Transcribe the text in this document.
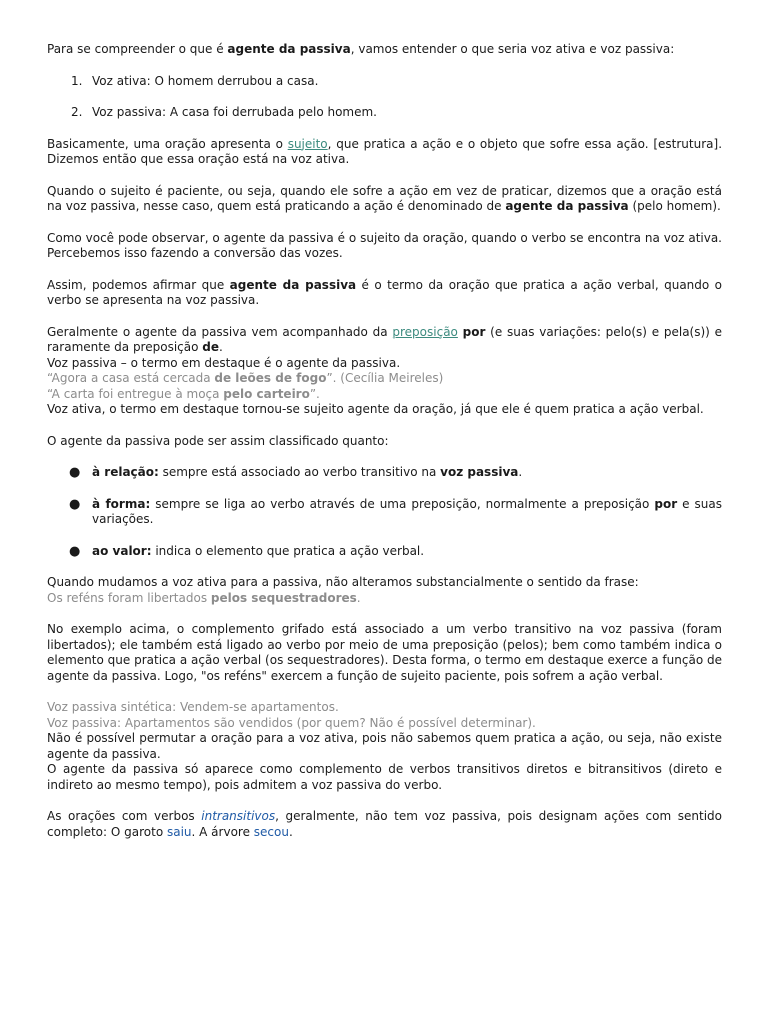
Para se compreender o que é agente da passiva, vamos entender o que seria voz ativa e voz passiva:

1. Voz ativa: O homem derrubou a casa.
2. Voz passiva: A casa foi derrubada pelo homem.

Basicamente, uma oração apresenta o sujeito, que pratica a ação e o objeto que sofre essa ação. [estrutura]. Dizemos então que essa oração está na voz ativa.

Quando o sujeito é paciente, ou seja, quando ele sofre a ação em vez de praticar, dizemos que a oração está na voz passiva, nesse caso, quem está praticando a ação é denominado de agente da passiva (pelo homem).

Como você pode observar, o agente da passiva é o sujeito da oração, quando o verbo se encontra na voz ativa. Percebemos isso fazendo a conversão das vozes.

Assim, podemos afirmar que agente da passiva é o termo da oração que pratica a ação verbal, quando o verbo se apresenta na voz passiva.

Geralmente o agente da passiva vem acompanhado da preposição por (e suas variações: pelo(s) e pela(s)) e raramente da preposição de.
Voz passiva – o termo em destaque é o agente da passiva.
“Agora a casa está cercada de leões de fogo”. (Cecília Meireles)
“A carta foi entregue à moça pelo carteiro”.
Voz ativa, o termo em destaque tornou-se sujeito agente da oração, já que ele é quem pratica a ação verbal.

O agente da passiva pode ser assim classificado quanto:

● à relação: sempre está associado ao verbo transitivo na voz passiva.
● à forma: sempre se liga ao verbo através de uma preposição, normalmente a preposição por e suas variações.
● ao valor: indica o elemento que pratica a ação verbal.

Quando mudamos a voz ativa para a passiva, não alteramos substancialmente o sentido da frase:
Os reféns foram libertados pelos sequestradores.

No exemplo acima, o complemento grifado está associado a um verbo transitivo na voz passiva (foram libertados); ele também está ligado ao verbo por meio de uma preposição (pelos); bem como também indica o elemento que pratica a ação verbal (os sequestradores). Desta forma, o termo em destaque exerce a função de agente da passiva. Logo, "os reféns" exercem a função de sujeito paciente, pois sofrem a ação verbal.

Voz passiva sintética: Vendem-se apartamentos.
Voz passiva: Apartamentos são vendidos (por quem? Não é possível determinar).
Não é possível permutar a oração para a voz ativa, pois não sabemos quem pratica a ação, ou seja, não existe agente da passiva.
O agente da passiva só aparece como complemento de verbos transitivos diretos e bitransitivos (direto e indireto ao mesmo tempo), pois admitem a voz passiva do verbo.

As orações com verbos intransitivos, geralmente, não tem voz passiva, pois designam ações com sentido completo: O garoto saiu. A árvore secou.
